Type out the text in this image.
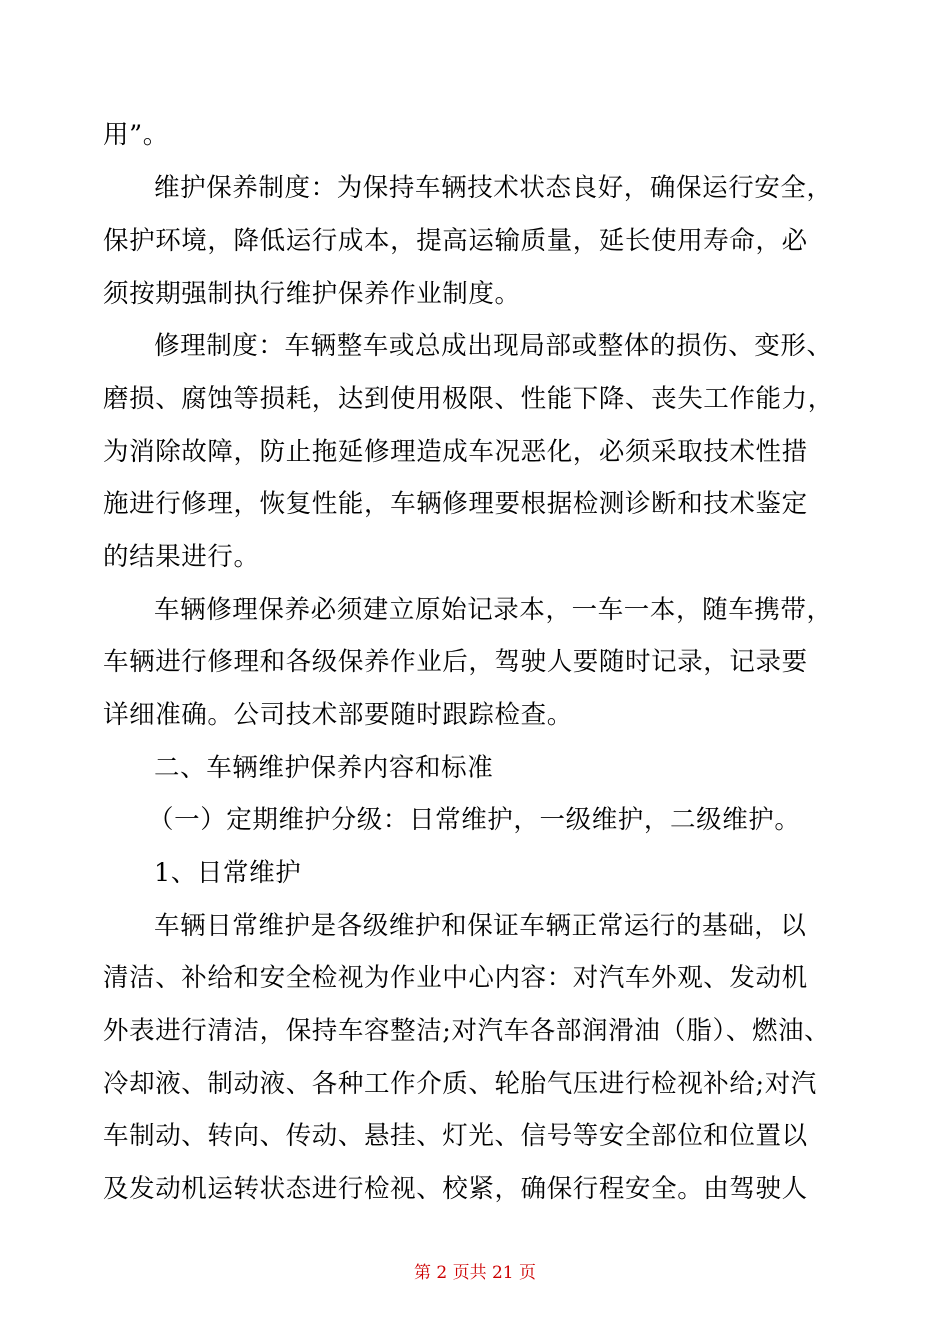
用”。
维护保养制度：为保持车辆技术状态良好，确保运行安全，
保护环境，降低运行成本，提高运输质量，延长使用寿命，必
须按期强制执行维护保养作业制度。
修理制度：车辆整车或总成出现局部或整体的损伤、变形、
磨损、腐蚀等损耗，达到使用极限、性能下降、丧失工作能力，
为消除故障，防止拖延修理造成车况恶化，必须采取技术性措
施进行修理，恢复性能，车辆修理要根据检测诊断和技术鉴定
的结果进行。
车辆修理保养必须建立原始记录本，一车一本，随车携带，
车辆进行修理和各级保养作业后，驾驶人要随时记录，记录要
详细准确。公司技术部要随时跟踪检查。
二、车辆维护保养内容和标准
（一）定期维护分级：日常维护，一级维护，二级维护。
1、日常维护
车辆日常维护是各级维护和保证车辆正常运行的基础，以
清洁、补给和安全检视为作业中心内容：对汽车外观、发动机
外表进行清洁，保持车容整洁;对汽车各部润滑油（脂）、燃油、
冷却液、制动液、各种工作介质、轮胎气压进行检视补给;对汽
车制动、转向、传动、悬挂、灯光、信号等安全部位和位置以
及发动机运转状态进行检视、校紧，确保行程安全。由驾驶人
第 2 页共 21 页
